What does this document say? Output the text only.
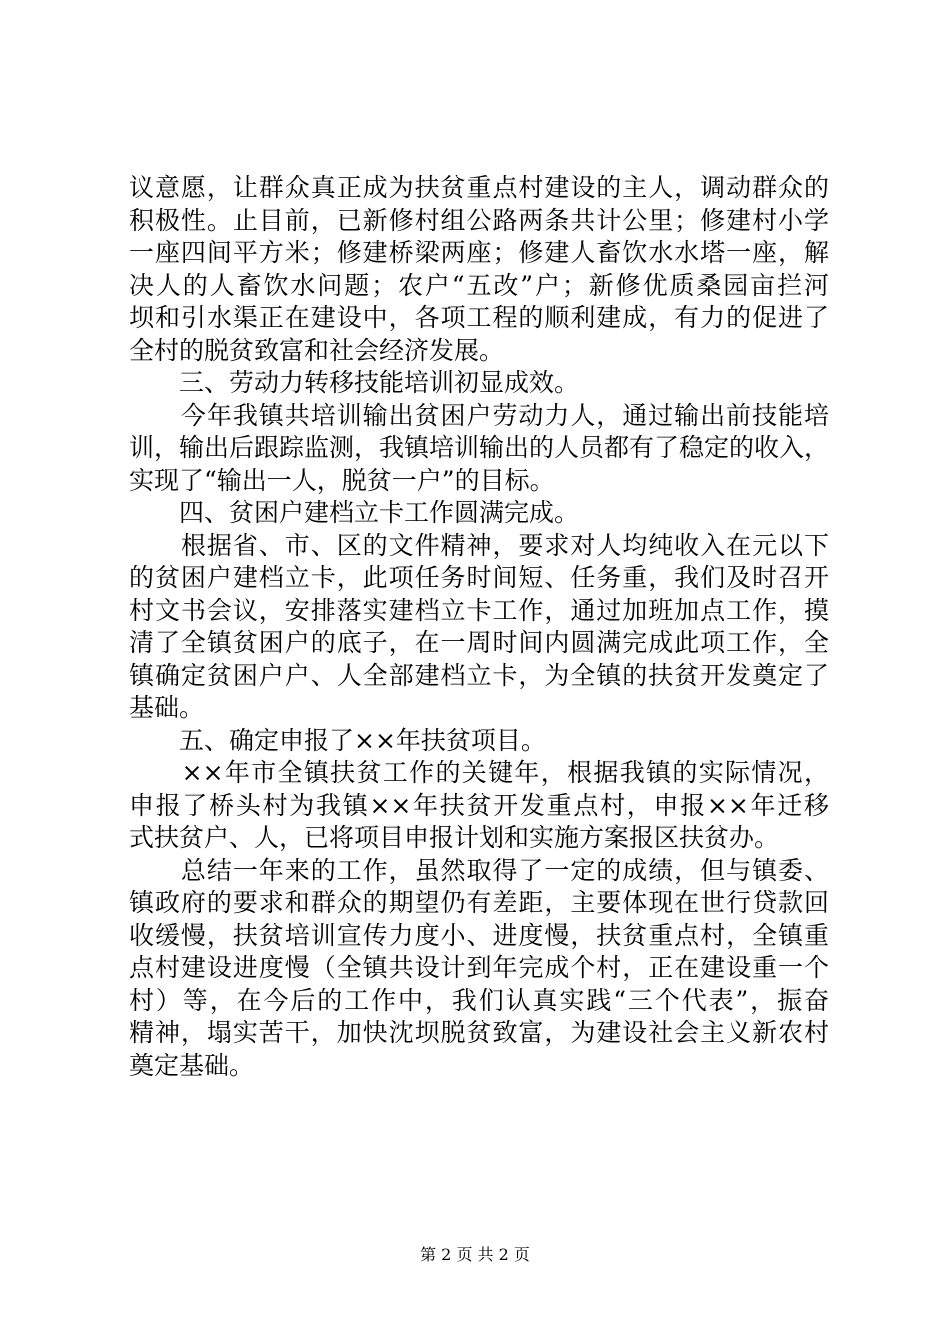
议意愿，让群众真正成为扶贫重点村建设的主人，调动群众的
积极性。止目前，已新修村组公路两条共计公里；修建村小学
一座四间平方米；修建桥梁两座；修建人畜饮水水塔一座，解
决人的人畜饮水问题；农户“五改”户；新修优质桑园亩拦河
坝和引水渠正在建设中，各项工程的顺利建成，有力的促进了
全村的脱贫致富和社会经济发展。
　　三、劳动力转移技能培训初显成效。
　　今年我镇共培训输出贫困户劳动力人，通过输出前技能培
训，输出后跟踪监测，我镇培训输出的人员都有了稳定的收入，
实现了“输出一人，脱贫一户”的目标。
　　四、贫困户建档立卡工作圆满完成。
　　根据省、市、区的文件精神，要求对人均纯收入在元以下
的贫困户建档立卡，此项任务时间短、任务重，我们及时召开
村文书会议，安排落实建档立卡工作，通过加班加点工作，摸
清了全镇贫困户的底子，在一周时间内圆满完成此项工作，全
镇确定贫困户户、人全部建档立卡，为全镇的扶贫开发奠定了
基础。
　　五、确定申报了××年扶贫项目。
　　××年市全镇扶贫工作的关键年，根据我镇的实际情况，
申报了桥头村为我镇××年扶贫开发重点村，申报××年迁移
式扶贫户、人，已将项目申报计划和实施方案报区扶贫办。
　　总结一年来的工作，虽然取得了一定的成绩，但与镇委、
镇政府的要求和群众的期望仍有差距，主要体现在世行贷款回
收缓慢，扶贫培训宣传力度小、进度慢，扶贫重点村，全镇重
点村建设进度慢（全镇共设计到年完成个村，正在建设重一个
村）等，在今后的工作中，我们认真实践“三个代表”，振奋
精神，塌实苦干，加快沈坝脱贫致富，为建设社会主义新农村
奠定基础。
第 2 页 共 2 页
